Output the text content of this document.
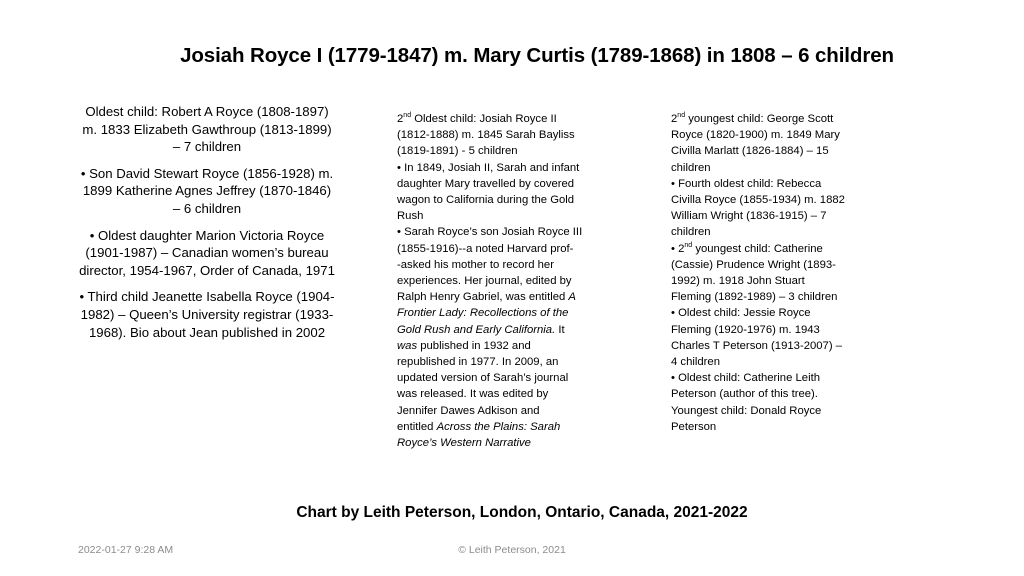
Josiah Royce I (1779-1847) m. Mary Curtis (1789-1868) in 1808 – 6 children

Oldest child: Robert A Royce (1808-1897) m. 1833 Elizabeth Gawthroup (1813-1899) – 7 children

• Son David Stewart Royce (1856-1928) m. 1899 Katherine Agnes Jeffrey (1870-1846) – 6 children

• Oldest daughter Marion Victoria Royce (1901-1987) – Canadian women’s bureau director, 1954-1967, Order of Canada, 1971

• Third child Jeanette Isabella Royce (1904-1982) – Queen’s University registrar (1933-1968). Bio about Jean published in 2002

2nd Oldest child: Josiah Royce II
(1812-1888) m. 1845 Sarah Bayliss
(1819-1891) - 5 children
• In 1849, Josiah II, Sarah and infant
daughter Mary travelled by covered
wagon to California during the Gold
Rush
• Sarah Royce’s son Josiah Royce III
(1855-1916)--a noted Harvard prof-
-asked his mother to record her
experiences. Her journal, edited by
Ralph Henry Gabriel, was entitled A
Frontier Lady: Recollections of the
Gold Rush and Early California. It
was published in 1932 and
republished in 1977. In 2009, an
updated version of Sarah’s journal
was released. It was edited by
Jennifer Dawes Adkison and
entitled Across the Plains: Sarah
Royce’s Western Narrative
2nd youngest child: George Scott
Royce (1820-1900) m. 1849 Mary
Civilla Marlatt (1826-1884) – 15
children
• Fourth oldest child: Rebecca
Civilla Royce (1855-1934) m. 1882
William Wright (1836-1915) – 7
children
• 2nd youngest child: Catherine
(Cassie) Prudence Wright (1893-
1992) m. 1918 John Stuart
Fleming (1892-1989) – 3 children
• Oldest child: Jessie Royce
Fleming (1920-1976) m. 1943
Charles T Peterson (1913-2007) –
4 children
• Oldest child: Catherine Leith
Peterson (author of this tree).
Youngest child: Donald Royce
Peterson
Chart by Leith Peterson, London, Ontario, Canada, 2021-2022
2022-01-27 9:28 AM	© Leith Peterson, 2021
